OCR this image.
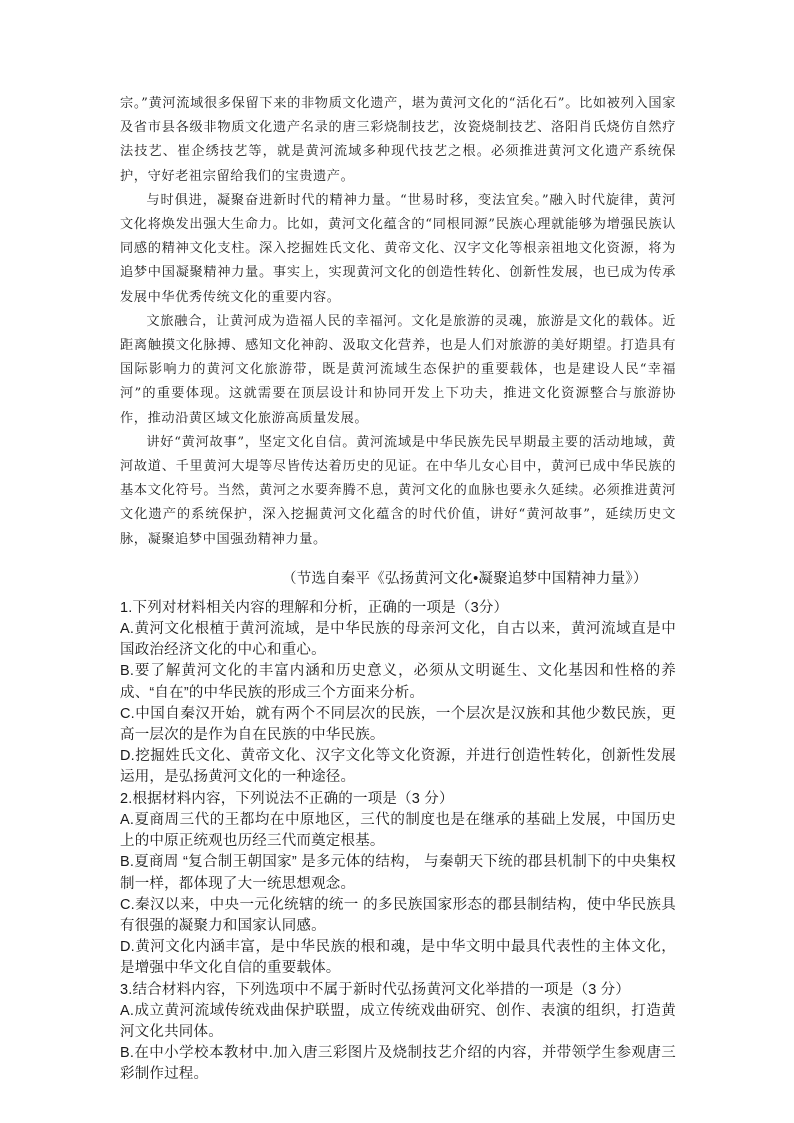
宗。”黄河流域很多保留下来的非物质文化遗产，堪为黄河文化的“活化石”。比如被列入国家及省市县各级非物质文化遗产名录的唐三彩烧制技艺，汝瓷烧制技艺、洛阳肖氏烧仿自然疗法技艺、崔企绣技艺等，就是黄河流域多种现代技艺之根。必须推进黄河文化遗产系统保护，守好老祖宗留给我们的宝贵遗产。

与时俱进，凝聚奋进新时代的精神力量。“世易时移，变法宜矣。”融入时代旋律，黄河文化将焕发出强大生命力。比如，黄河文化蕴含的“同根同源”民族心理就能够为增强民族认同感的精神文化支柱。深入挖掘姓氏文化、黄帝文化、汉字文化等根亲祖地文化资源，将为追梦中国凝聚精神力量。事实上，实现黄河文化的创造性转化、创新性发展，也已成为传承发展中华优秀传统文化的重要内容。

文旅融合，让黄河成为造福人民的幸福河。文化是旅游的灵魂，旅游是文化的载体。近距离触摸文化脉搏、感知文化神韵、汲取文化营养，也是人们对旅游的美好期望。打造具有国际影响力的黄河文化旅游带，既是黄河流域生态保护的重要载体，也是建设人民“幸福河”的重要体现。这就需要在顶层设计和协同开发上下功夫，推进文化资源整合与旅游协作，推动沿黄区域文化旅游高质量发展。

讲好“黄河故事”，坚定文化自信。黄河流域是中华民族先民早期最主要的活动地域，黄河故道、千里黄河大堤等尽皆传达着历史的见证。在中华儿女心目中，黄河已成中华民族的基本文化符号。当然，黄河之水要奔腾不息，黄河文化的血脉也要永久延续。必须推进黄河文化遗产的系统保护，深入挖掘黄河文化蕴含的时代价值，讲好“黄河故事”，延续历史文脉，凝聚追梦中国强劲精神力量。

（节选自秦平《弘扬黄河文化•凝聚追梦中国精神力量》）

1.下列对材料相关内容的理解和分析，正确的一项是（3分）

A.黄河文化根植于黄河流域，是中华民族的母亲河文化，自古以来，黄河流域直是中国政治经济文化的中心和重心。

B.要了解黄河文化的丰富内涵和历史意义，必须从文明诞生、文化基因和性格的养成、“自在”的中华民族的形成三个方面来分析。

C.中国自秦汉开始，就有两个不同层次的民族，一个层次是汉族和其他少数民族，更高一层次的是作为自在民族的中华民族。

D.挖掘姓氏文化、黄帝文化、汉字文化等文化资源，并进行创造性转化，创新性发展运用，是弘扬黄河文化的一种途径。

2.根据材料内容，下列说法不正确的一项是（3 分）

A.夏商周三代的王都均在中原地区，三代的制度也是在继承的基础上发展，中国历史上的中原正统观也历经三代而奠定根基。

B.夏商周 “复合制王朝国家” 是多元体的结构， 与秦朝天下统的郡县机制下的中央集权制一样，都体现了大一统思想观念。

C.秦汉以来，中央一元化统辖的统一 的多民族国家形态的郡县制结构，使中华民族具有很强的凝聚力和国家认同感。

D.黄河文化内涵丰富，是中华民族的根和魂，是中华文明中最具代表性的主体文化，是增强中华文化自信的重要载体。

3.结合材料内容，下列选项中不属于新时代弘扬黄河文化举措的一项是（3 分）

A.成立黄河流域传统戏曲保护联盟，成立传统戏曲研究、创作、表演的组织，打造黄河文化共同体。

B.在中小学校本教材中.加入唐三彩图片及烧制技艺介绍的内容，并带领学生参观唐三彩制作过程。
